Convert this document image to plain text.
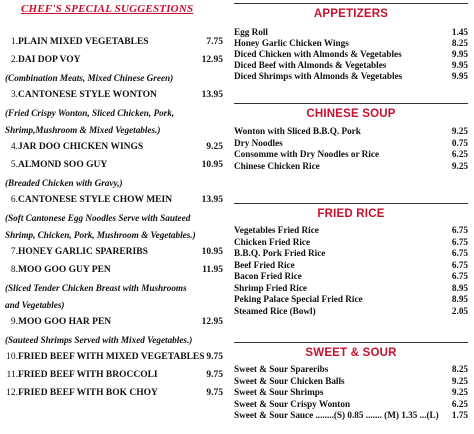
CHEF'S SPECIAL SUGGESTIONS
1. PLAIN MIXED VEGETABLES	7.75
2. DAI DOP VOY	12.95
(Combination Meats, Mixed Chinese Green)
3. CANTONESE STYLE WONTON	13.95
(Fried Crispy Wonton, Sliced Chicken, Pork,
Shrimp,Mushroom & Mixed Vegetables.)
4. JAR DOO CHICKEN WINGS	9.25
5. ALMOND SOO GUY	10.95
(Breaded Chicken with Gravy,)
6. CANTONESE STYLE CHOW MEIN	13.95
(Soft Cantonese Egg Noodles Serve with Sauteed
Shrimp, Chicken, Pork, Mushroom & Vegetables.)
7. HONEY GARLIC SPARERIBS	10.95
8. MOO GOO GUY PEN	11.95
(Sliced Tender Chicken Breast with Mushrooms
and Vegetables)
9. MOO GOO HAR PEN	12.95
(Sauteed Shrimps Served with Mixed Vegetables.)
10. FRIED BEEF WITH MIXED VEGETABLES 9.75
11. FRIED BEEF WITH BROCCOLI	9.75
12. FRIED BEEF WITH BOK CHOY	9.75
APPETIZERS
Egg Roll	1.45
Honey Garlic Chicken Wings	8.25
Diced Chicken with Almonds & Vegetables	9.95
Diced Beef with Almonds & Vegetables	9.95
Diced Shrimps with Almonds & Vegetables	9.95
CHINESE SOUP
Wonton with Sliced B.B.Q. Pork	9.25
Dry Noodles	0.75
Consomme with Dry Noodles or Rice	6.25
Chinese Chicken Rice	9.25
FRIED RICE
Vegetables Fried Rice	6.75
Chicken Fried Rice	6.75
B.B.Q. Pork Fried Rice	6.75
Beef Fried Rice	6.75
Bacon Fried Rice	6.75
Shrimp Fried Rice	8.95
Peking Palace Special Fried Rice	8.95
Steamed Rice (Bowl)	2.05
SWEET & SOUR
Sweet & Sour Spareribs	8.25
Sweet & Sour Chicken Balls	9.25
Sweet & Sour Shrimps	9.25
Sweet & Sour Crispy Wonton	6.25
Sweet & Sour Sauce ........(S) 0.85 ....... (M) 1.35 ...(L) 1.75
